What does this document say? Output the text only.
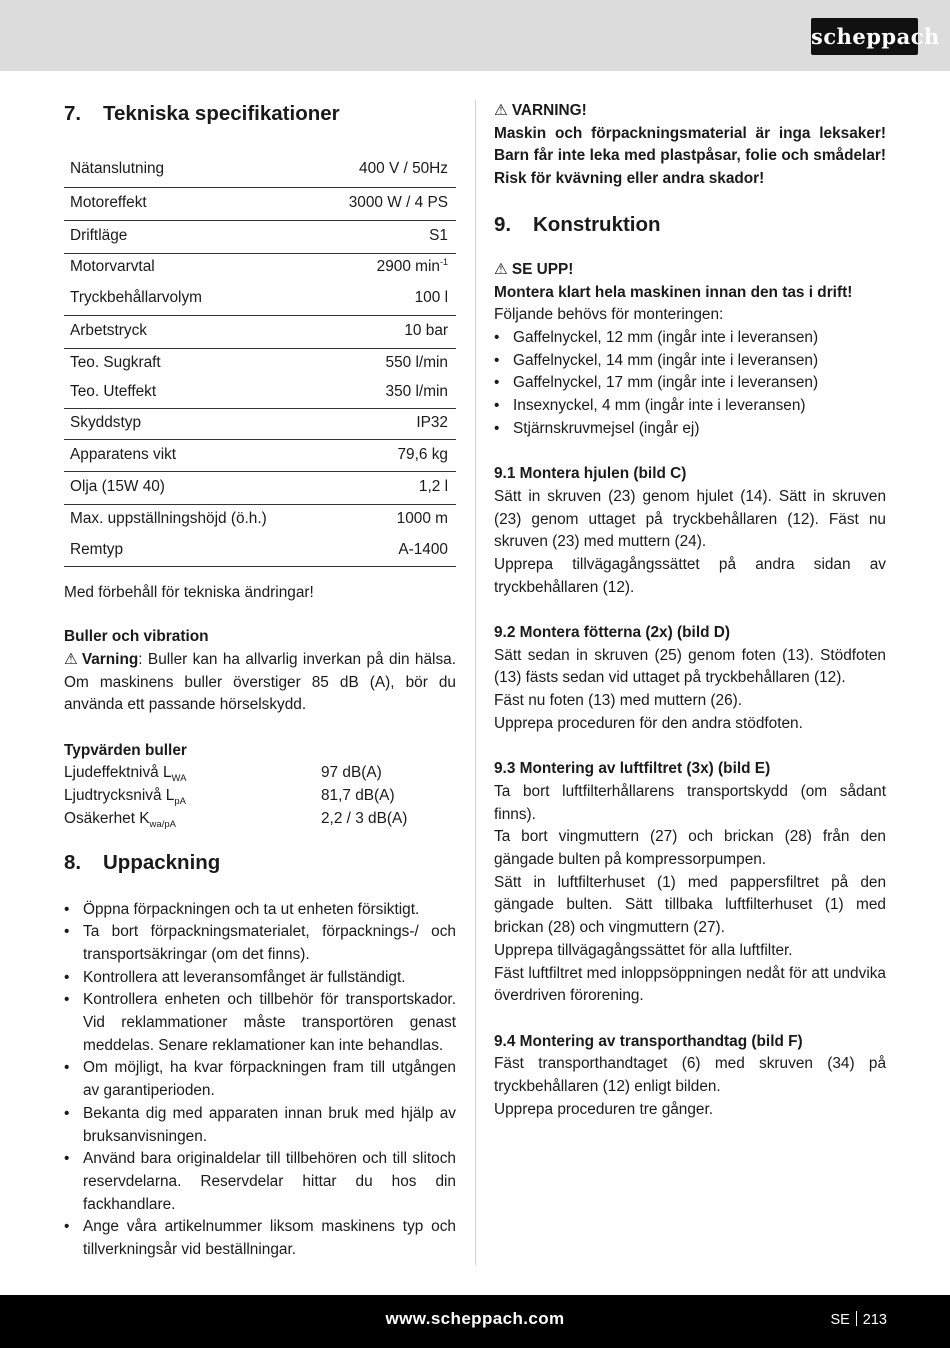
scheppach
7. Tekniska specifikationer
Nätanslutning	400 V / 50Hz
Motoreffekt	3000 W / 4 PS
Driftläge	S1
Motorvarvtal	2900 $\min^{-1}$
Tryckbehållarvolym	100 l
Arbetstryck	10 bar
Teo. Sugkraft	550 l/min
Teo. Uteffekt	350 l/min
Skyddstyp	IP32
Apparatens vikt	79,6 kg
Olja (15W 40)	1,2 l
Max. uppställningshöjd (ö.h.)	1000 m
Remtyp	A-1400

Med förbehåll för tekniska ändringar!

Buller och vibration

⚠ Varning: Buller kan ha allvarlig inverkan på din hälsa. Om maskinens buller överstiger 85 dB (A), bör du använda ett passande hörselskydd.

Typvärden buller

Ljudeffektnivå $L_{WA}$	97 dB(A)
Ljudtrycksnivå $L_{pA}$	81,7 dB(A)
Osäkerhet $K_{wa/pA}$	2,2 / 3 dB(A)
8. Uppackning
• Öppna förpackningen och ta ut enheten försiktigt.
• Ta bort förpackningsmaterialet, förpacknings-/ och transportsäkringar (om det finns).
• Kontrollera att leveransomfånget är fullständigt.
• Kontrollera enheten och tillbehör för transportskador. Vid reklammationer måste transportören genast meddelas. Senare reklamationer kan inte behandlas.
• Om möjligt, ha kvar förpackningen fram till utgången av garantiperioden.
• Bekanta dig med apparaten innan bruk med hjälp av bruksanvisningen.
• Använd bara originaldelar till tillbehören och till slitoch reservdelarna. Reservdelar hittar du hos din fackhandlare.
• Ange våra artikelnummer liksom maskinens typ och tillverkningsår vid beställningar.

⚠ VARNING!

Maskin och förpackningsmaterial är inga leksaker! Barn får inte leka med plastpåsar, folie och smådelar! Risk för kvävning eller andra skador!

9. Konstruktion

⚠ SE UPP!

Montera klart hela maskinen innan den tas i drift!

Följande behövs för monteringen:

• Gaffelnyckel, 12 mm (ingår inte i leveransen)
• Gaffelnyckel, 14 mm (ingår inte i leveransen)
• Gaffelnyckel, 17 mm (ingår inte i leveransen)
• Insexnyckel, 4 mm (ingår inte i leveransen)
• Stjärnskruvmejsel (ingår ej)

9.1 Montera hjulen (bild C)

Sätt in skruven (23) genom hjulet (14). Sätt in skruven (23) genom uttaget på tryckbehållaren (12). Fäst nu skruven (23) med muttern (24).

Upprepa tillvägagångssättet på andra sidan av tryckbehållaren (12).

9.2 Montera fötterna (2x) (bild D)

Sätt sedan in skruven (25) genom foten (13). Stödfoten (13) fästs sedan vid uttaget på tryckbehållaren (12).

Fäst nu foten (13) med muttern (26).

Upprepa proceduren för den andra stödfoten.

9.3 Montering av luftfiltret (3x) (bild E)

Ta bort luftfilterhållarens transportskydd (om sådant finns).

Ta bort vingmuttern (27) och brickan (28) från den gängade bulten på kompressorpumpen.

Sätt in luftfilterhuset (1) med pappersfiltret på den gängade bulten. Sätt tillbaka luftfilterhuset (1) med brickan (28) och vingmuttern (27).

Upprepa tillvägagångssättet för alla luftfilter.

Fäst luftfiltret med inloppsöppningen nedåt för att undvika överdriven förorening.

9.4 Montering av transporthandtag (bild F)

Fäst transporthandtaget (6) med skruven (34) på tryckbehållaren (12) enligt bilden.

Upprepa proceduren tre gånger.

www.scheppach.com	SE 213
